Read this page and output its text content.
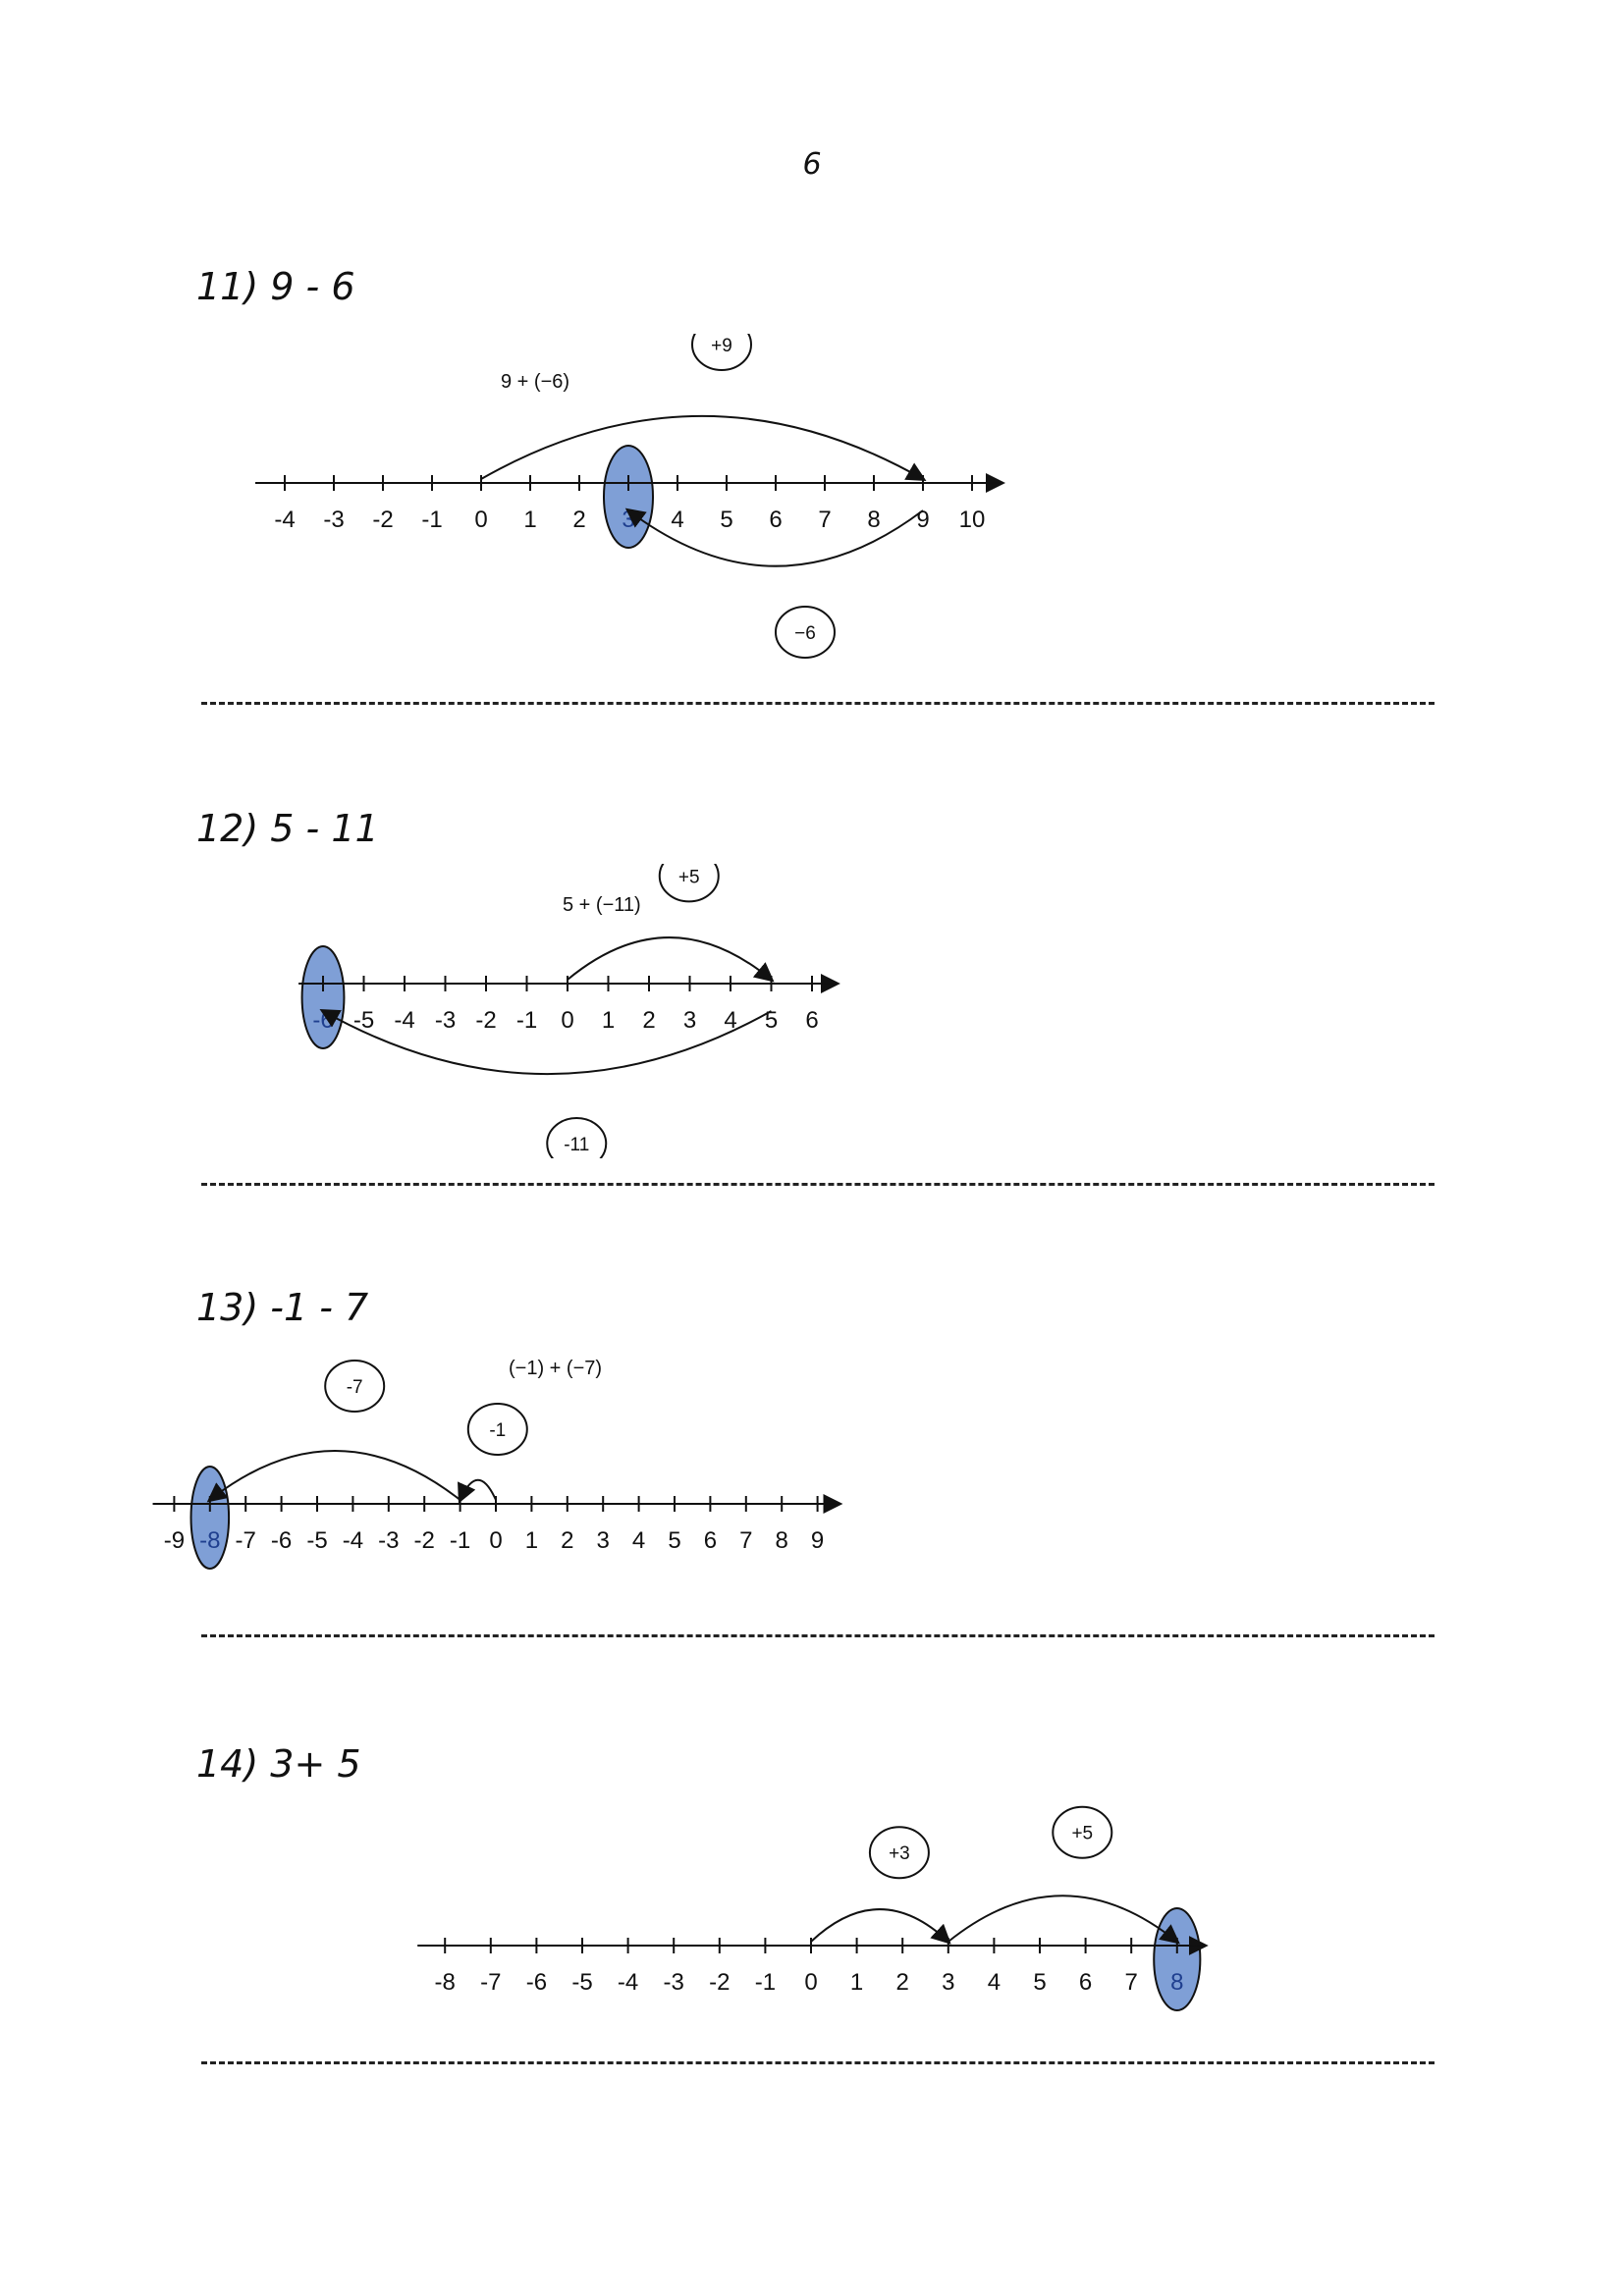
6
11) 9 - 6
-4 -3 -2 -1 0 1 2 3 4 5 6 7 8 9 10
+9
−6
9 + (−6)
12) 5 - 11
-6 -5 -4 -3 -2 -1 0 1 2 3 4 5 6
+5
-11
5 + (−11)
13) -1 - 7
-9 -8 -7 -6 -5 -4 -3 -2 -1 0 1 2 3 4 5 6 7 8 9
-1
-7
(−1) + (−7)
14) 3+ 5
-8 -7 -6 -5 -4 -3 -2 -1 0 1 2 3 4 5 6 7 8
+3
+5
